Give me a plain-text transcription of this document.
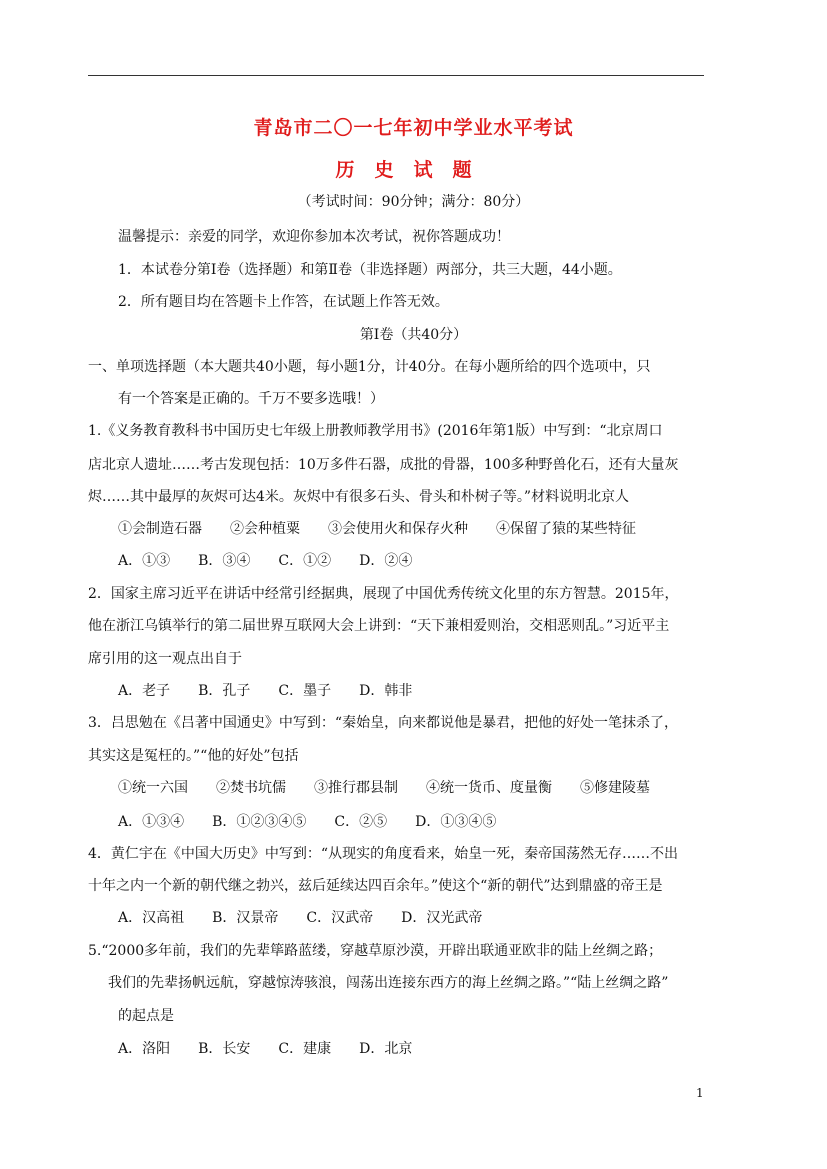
青岛市二〇一七年初中学业水平考试
历史试题
（考试时间：90分钟；满分：80分）
温馨提示：亲爱的同学，欢迎你参加本次考试，祝你答题成功！
1．本试卷分第Ⅰ卷（选择题）和第Ⅱ卷（非选择题）两部分，共三大题，44小题。
2．所有题目均在答题卡上作答，在试题上作答无效。
第Ⅰ卷（共40分）
一、单项选择题（本大题共40小题，每小题1分，计40分。在每小题所给的四个选项中，只
有一个答案是正确的。千万不要多选哦！）
1.《义务教育教科书中国历史七年级上册教师教学用书》(2016年第1版）中写到：“北京周口
店北京人遗址……考古发现包括：10万多件石器，成批的骨器，100多种野兽化石，还有大量灰
烬……其中最厚的灰烬可达4米。灰烬中有很多石头、骨头和朴树子等。”材料说明北京人
①会制造石器　　②会种植粟　　③会使用火和保存火种　　④保留了猿的某些特征
A．①③　　B．③④　　C．①②　　D．②④
2．国家主席习近平在讲话中经常引经据典，展现了中国优秀传统文化里的东方智慧。2015年，
他在浙江乌镇举行的第二届世界互联网大会上讲到：“天下兼相爱则治，交相恶则乱。”习近平主
席引用的这一观点出自于
A．老子　　B．孔子　　C．墨子　　D．韩非
3．吕思勉在《吕著中国通史》中写到：“秦始皇，向来都说他是暴君，把他的好处一笔抹杀了，
其实这是冤枉的。”“他的好处”包括
①统一六国　　②焚书坑儒　　③推行郡县制　　④统一货币、度量衡　　⑤修建陵墓
A．①③④　　B．①②③④⑤　　C．②⑤　　D．①③④⑤
4．黄仁宇在《中国大历史》中写到：“从现实的角度看来，始皇一死，秦帝国荡然无存……不出
十年之内一个新的朝代继之勃兴，兹后延续达四百余年。”使这个“新的朝代”达到鼎盛的帝王是
A．汉高祖　　B．汉景帝　　C．汉武帝　　D．汉光武帝
5.“2000多年前，我们的先辈筚路蓝缕，穿越草原沙漠，开辟出联通亚欧非的陆上丝绸之路；
我们的先辈扬帆远航，穿越惊涛骇浪，闯荡出连接东西方的海上丝绸之路。”“陆上丝绸之路”
的起点是
A．洛阳　　B．长安　　C．建康　　D．北京
1
